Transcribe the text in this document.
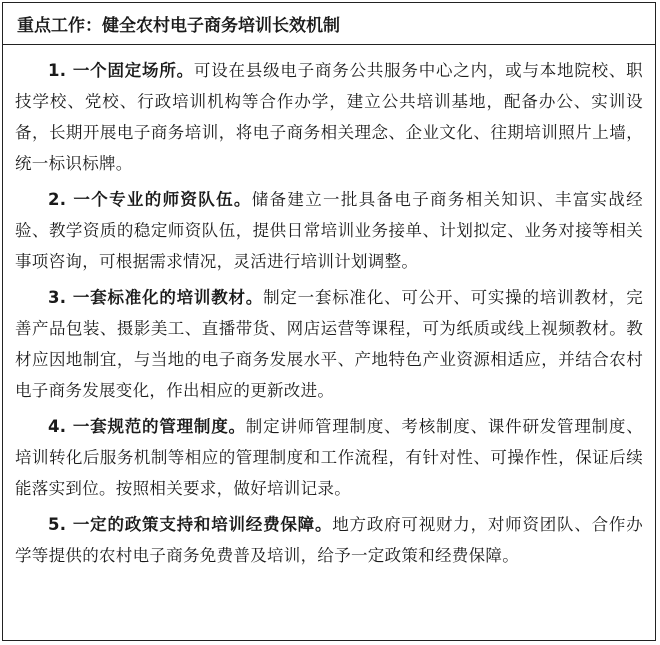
重点工作：健全农村电子商务培训长效机制

1. 一个固定场所。可设在县级电子商务公共服务中心之内，或与本地院校、职技学校、党校、行政培训机构等合作办学，建立公共培训基地，配备办公、实训设备，长期开展电子商务培训，将电子商务相关理念、企业文化、往期培训照片上墙，统一标识标牌。

2. 一个专业的师资队伍。储备建立一批具备电子商务相关知识、丰富实战经验、教学资质的稳定师资队伍，提供日常培训业务接单、计划拟定、业务对接等相关事项咨询，可根据需求情况，灵活进行培训计划调整。

3. 一套标准化的培训教材。制定一套标准化、可公开、可实操的培训教材，完善产品包装、摄影美工、直播带货、网店运营等课程，可为纸质或线上视频教材。教材应因地制宜，与当地的电子商务发展水平、产地特色产业资源相适应，并结合农村电子商务发展变化，作出相应的更新改进。

4. 一套规范的管理制度。制定讲师管理制度、考核制度、课件研发管理制度、培训转化后服务机制等相应的管理制度和工作流程，有针对性、可操作性，保证后续能落实到位。按照相关要求，做好培训记录。

5. 一定的政策支持和培训经费保障。地方政府可视财力，对师资团队、合作办学等提供的农村电子商务免费普及培训，给予一定政策和经费保障。
